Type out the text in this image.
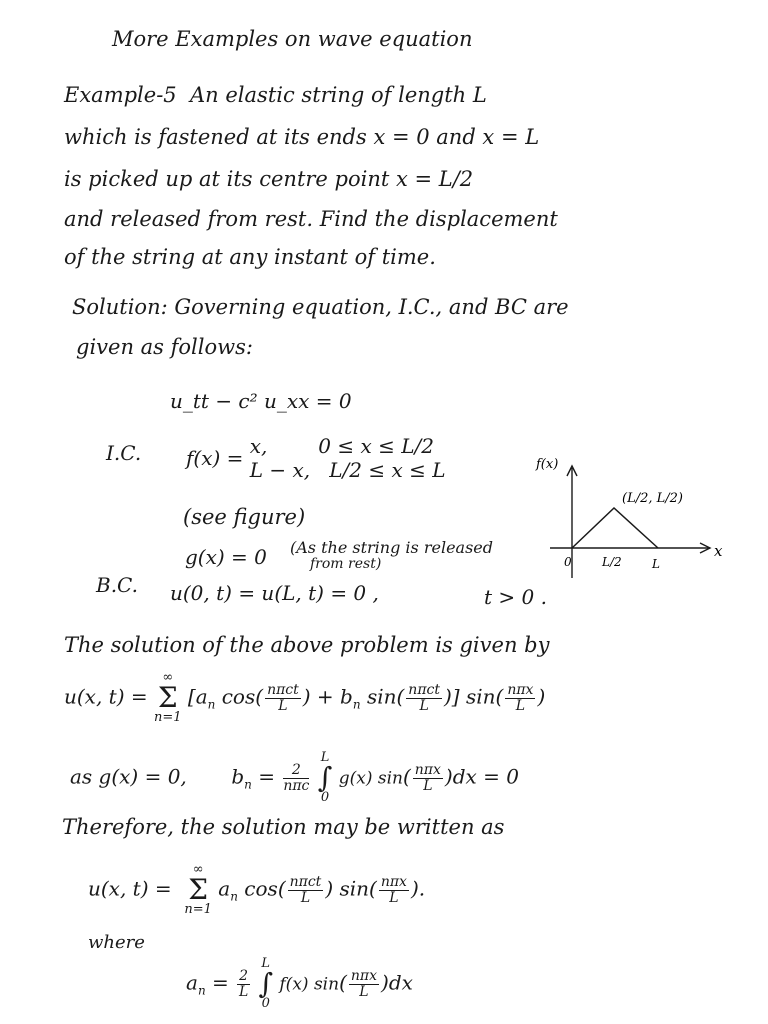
More Examples on wave equation
Example-5 An elastic string of length L
which is fastened at its ends x = 0 and x = L
is picked up at its centre point x = L/2
and released from rest. Find the displacement
of the string at any instant of time.
Solution: Governing equation, I.C., and BC are
given as follows:
u_tt − c² u_xx = 0
I.C. f(x) = x,        0 ≤ x ≤ L/2
L − x,   L/2 ≤ x ≤ L
(see figure)
g(x) = 0 (As the string is released
from rest)
B.C. u(0, t) = u(L, t) = 0 ,	t > 0 .
f(x)
x
0	L/2	L
(L/2, L/2)
The solution of the above problem is given by
u(x, t) =
∞
Σ
n=1
[$a_n$ $\cos( \frac{\text{nπct}}{L}$ ) + $b_n$ $\sin( \frac{\text{nπct}}{L}$ )] $\sin( \frac{\text{nπx}}{L}$ )
as g(x) = 0, $b_n = \frac{2}{\text{nπc}}$

L
∫
0
g(x) $\sin( \frac{\text{nπx}}{L} )dx = 0$
Therefore, the solution may be written as
u(x, t) =
∞
Σ
n=1
$a_n$ $\cos( \frac{\text{nπct}}{L}$ ) $\sin( \frac{\text{nπx}}{L}$ ).
where
$a_n = \frac{2}{L}$

L
∫
0
f(x) $\sin( \frac{\text{nπx}}{L} )dx$
